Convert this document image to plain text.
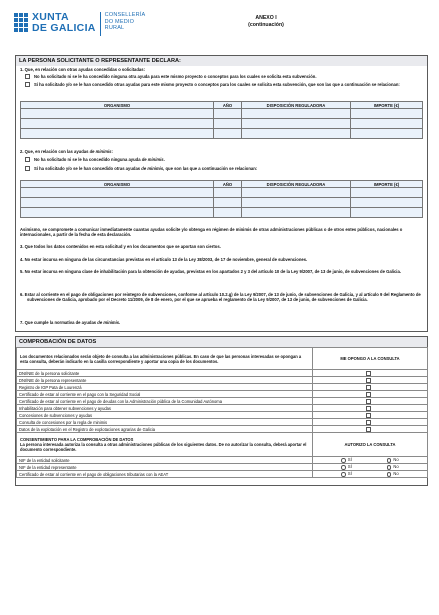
XUNTA
DE GALICIA
CONSELLERÍA
DO MEDIO
RURAL
ANEXO I
(continuación)
LA PERSONA SOLICITANTE O REPRESENTANTE DECLARA:
1. Que, en relación con otras ayudas concedidas o solicitadas:
No ha solicitado ni se le ha concedido ninguna otra ayuda para este mismo proyecto o conceptos para los cuales se solicita esta subvención.
Sí ha solicitado y/o se le han concedido otras ayudas para este mismo proyecto o conceptos para los cuales se solicita esta subvención, que son las que a continuación se relacionan:
ORGANISMO	AÑO	DISPOSICIÓN REGULADORA	IMPORTE (€)

2. Que, en relación con las ayudas de minimis:
No ha solicitado ni se le ha concedido ninguna ayuda de minimis.
Sí ha solicitado y/o se le han concedido otras ayudas de minimis, que son las que a continuación se relacionan:
ORGANISMO	AÑO	DISPOSICIÓN REGULADORA	IMPORTE (€)

Asimismo, se compromete a comunicar inmediatamente cuantas ayudas solicite y/o obtenga en régimen de minimis de otras administraciones públicas o de otros entes públicos, nacionales o internacionales, a partir de la fecha de esta declaración.
3. Que todos los datos contenidos en esta solicitud y en los documentos que se aportan son ciertos.
4. No estar incursa en ninguna de las circunstancias previstas en el artículo 13 de la Ley 38/2003, de 17 de noviembre, general de subvenciones.
5. No estar incursa en ninguna clase de inhabilitación para la obtención de ayudas, previstas en los apartados 2 y 3 del artículo 10 de la Ley 9/2007, de 13 de junio, de subvenciones de Galicia.
6. Estar al corriente en el pago de obligaciones por reintegro de subvenciones, conforme al artículo 10.2.g) de la Ley 9/2007, de 13 de junio, de subvenciones de Galicia, y al artículo 9 del Reglamento de subvenciones de Galicia, aprobado por el Decreto 11/2009, de 8 de enero, por el que se aprueba el reglamento de la Ley 9/2007, de 13 de junio, de subvenciones de Galicia.
7. Que cumple la normativa de ayudas de minimis.
COMPROBACIÓN DE DATOS
Los documentos relacionados serán objeto de consulta a las administraciones públicas. En caso de que las personas interesadas se opongan a esta consulta, deberán indicarlo en la casilla correspondiente y aportar una copia de los documentos.	ME OPONGO A LA CONSULTA
DNI/NIE de la persona solicitante	
DNI/NIE de la persona representante	
Registro de IGP Pata de Lourenzá	
Certificado de estar al corriente en el pago con la Seguridad Social	
Certificado de estar al corriente en el pago de deudas con la Administración pública de la Comunidad Autónoma	
Inhabilitación para obtener subvenciones y ayudas	
Concesiones de subvenciones y ayudas	
Consulta de concesiones por la regla de minimis	
Datos de la explotación en el Registro de explotaciones agrarias de Galicia	

CONSENTIMIENTO PARA LA COMPROBACIÓN DE DATOS
La persona interesada autoriza la consulta a otras administraciones públicas de los siguientes datos. De no autorizar la consulta, deberá aportar el documento correspondiente.	AUTORIZO LA CONSULTA
NIF de la entidad solicitante	SÍ No
NIF de la entidad representante	SÍ No
Certificado de estar al corriente en el pago de obligaciones tributarias con la AEAT	SÍ No
